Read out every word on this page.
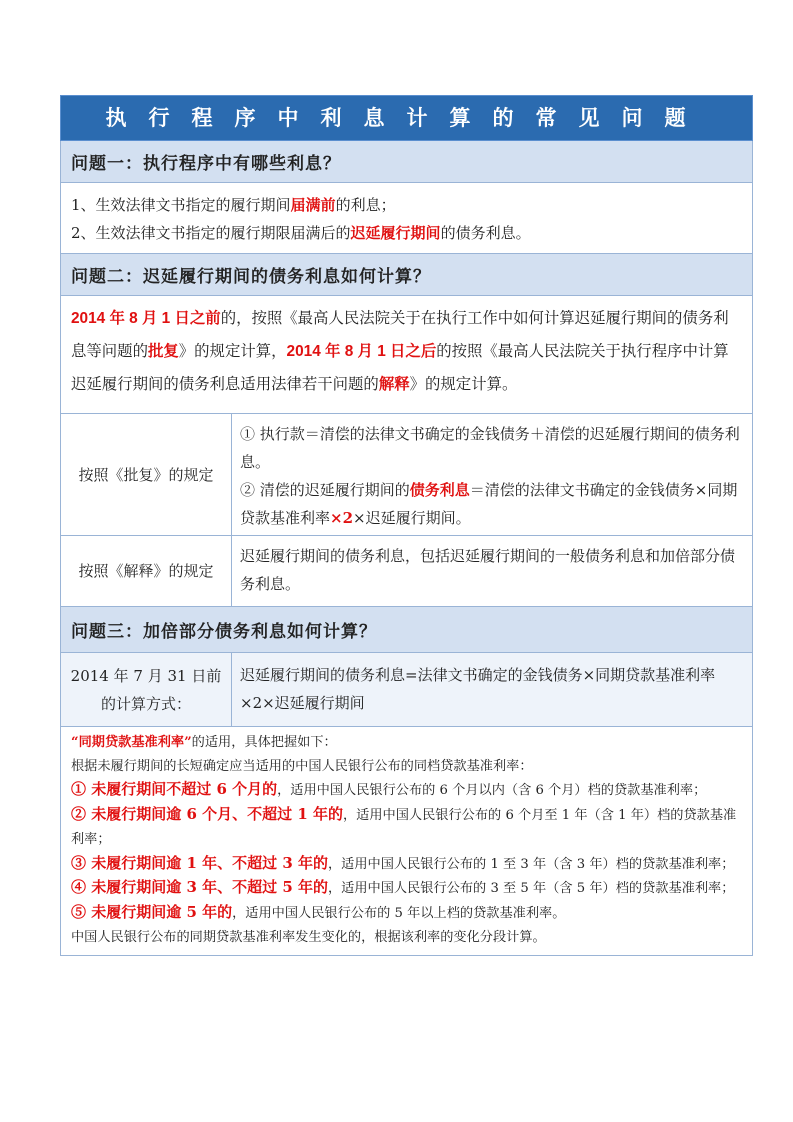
执行程序中利息计算的常见问题
问题一：执行程序中有哪些利息？
1、生效法律文书指定的履行期间届满前的利息；
2、生效法律文书指定的履行期限届满后的迟延履行期间的债务利息。
问题二：迟延履行期间的债务利息如何计算？
2014 年 8 月 1 日之前的，按照《最高人民法院关于在执行工作中如何计算迟延履行期间的债务利息等问题的批复》的规定计算，2014 年 8 月 1 日之后的按照《最高人民法院关于执行程序中计算迟延履行期间的债务利息适用法律若干问题的解释》的规定计算。
按照《批复》的规定
① 执行款＝清偿的法律文书确定的金钱债务＋清偿的迟延履行期间的债务利息。
② 清偿的迟延履行期间的债务利息＝清偿的法律文书确定的金钱债务×同期贷款基准利率×2×迟延履行期间。
按照《解释》的规定
迟延履行期间的债务利息，包括迟延履行期间的一般债务利息和加倍部分债务利息。
问题三：加倍部分债务利息如何计算？
2014 年 7 月 31 日前的计算方式：
迟延履行期间的债务利息=法律文书确定的金钱债务×同期贷款基准利率×2×迟延履行期间
“同期贷款基准利率”的适用，具体把握如下：
根据未履行期间的长短确定应当适用的中国人民银行公布的同档贷款基准利率：
① 未履行期间不超过 6 个月的，适用中国人民银行公布的 6 个月以内（含 6 个月）档的贷款基准利率；
② 未履行期间逾 6 个月、不超过 1 年的，适用中国人民银行公布的 6 个月至 1 年（含 1 年）档的贷款基准利率；
③ 未履行期间逾 1 年、不超过 3 年的，适用中国人民银行公布的 1 至 3 年（含 3 年）档的贷款基准利率；
④ 未履行期间逾 3 年、不超过 5 年的，适用中国人民银行公布的 3 至 5 年（含 5 年）档的贷款基准利率；
⑤ 未履行期间逾 5 年的，适用中国人民银行公布的 5 年以上档的贷款基准利率。
中国人民银行公布的同期贷款基准利率发生变化的，根据该利率的变化分段计算。
